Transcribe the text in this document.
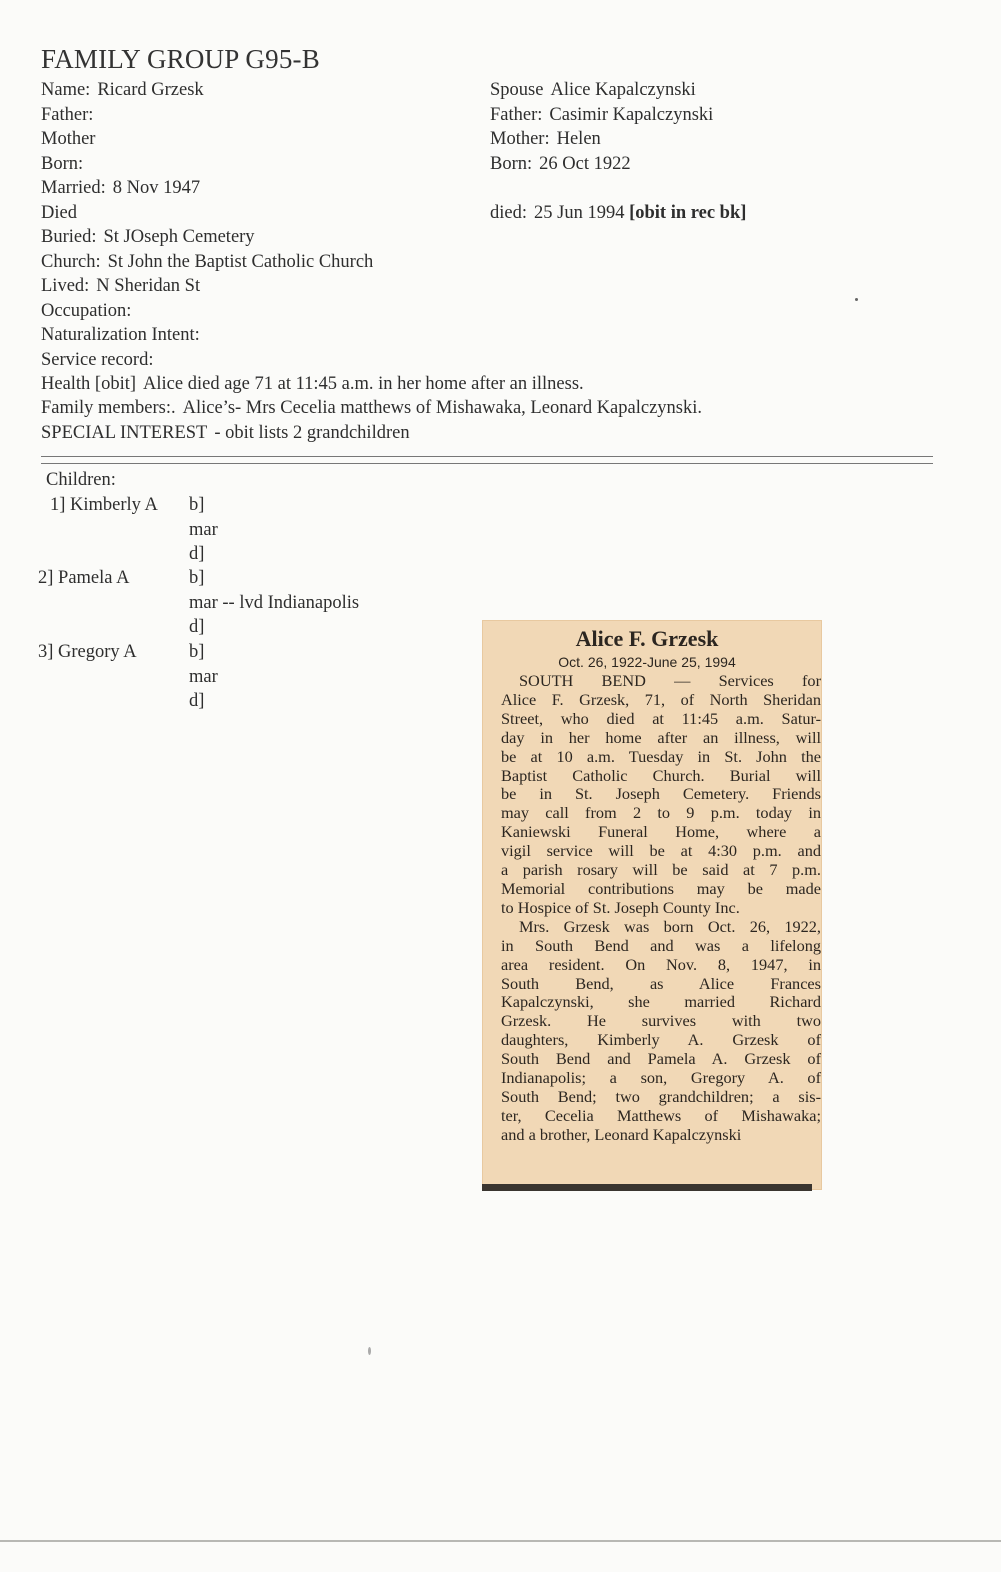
FAMILY GROUP G95-B
Name: Ricard Grzesk
Father:
Mother
Born:
Married: 8 Nov 1947
Died
Buried: St JOseph Cemetery
Church: St John the Baptist Catholic Church
Lived: N Sheridan St
Occupation:
Naturalization Intent:
Service record:
Health [obit] Alice died age 71 at 11:45 a.m. in her home after an illness.
Family members:. Alice’s- Mrs Cecelia matthews of Mishawaka, Leonard Kapalczynski.
SPECIAL INTEREST - obit lists 2 grandchildren
Spouse Alice Kapalczynski
Father: Casimir Kapalczynski
Mother: Helen
Born: 26 Oct 1922
died: 25 Jun 1994 [obit in rec bk]
Children:
1] Kimberly A b]
mar
d]
2] Pamela A	b]
mar -- lvd Indianapolis
d]
3] Gregory A	b]
mar
d]
Alice F. Grzesk
Oct. 26, 1922-June 25, 1994
SOUTH BEND — Services for
Alice F. Grzesk, 71, of North Sheridan
Street, who died at 11:45 a.m. Satur-
day in her home after an illness, will
be at 10 a.m. Tuesday in St. John the
Baptist Catholic Church. Burial will
be in St. Joseph Cemetery. Friends
may call from 2 to 9 p.m. today in
Kaniewski Funeral Home, where a
vigil service will be at 4:30 p.m. and
a parish rosary will be said at 7 p.m.
Memorial contributions may be made
to Hospice of St. Joseph County Inc.
Mrs. Grzesk was born Oct. 26, 1922,
in South Bend and was a lifelong
area resident. On Nov. 8, 1947, in
South Bend, as Alice Frances
Kapalczynski, she married Richard
Grzesk. He survives with two
daughters, Kimberly A. Grzesk of
South Bend and Pamela A. Grzesk of
Indianapolis; a son, Gregory A. of
South Bend; two grandchildren; a sis-
ter, Cecelia Matthews of Mishawaka;
and a brother, Leonard Kapalczynski
